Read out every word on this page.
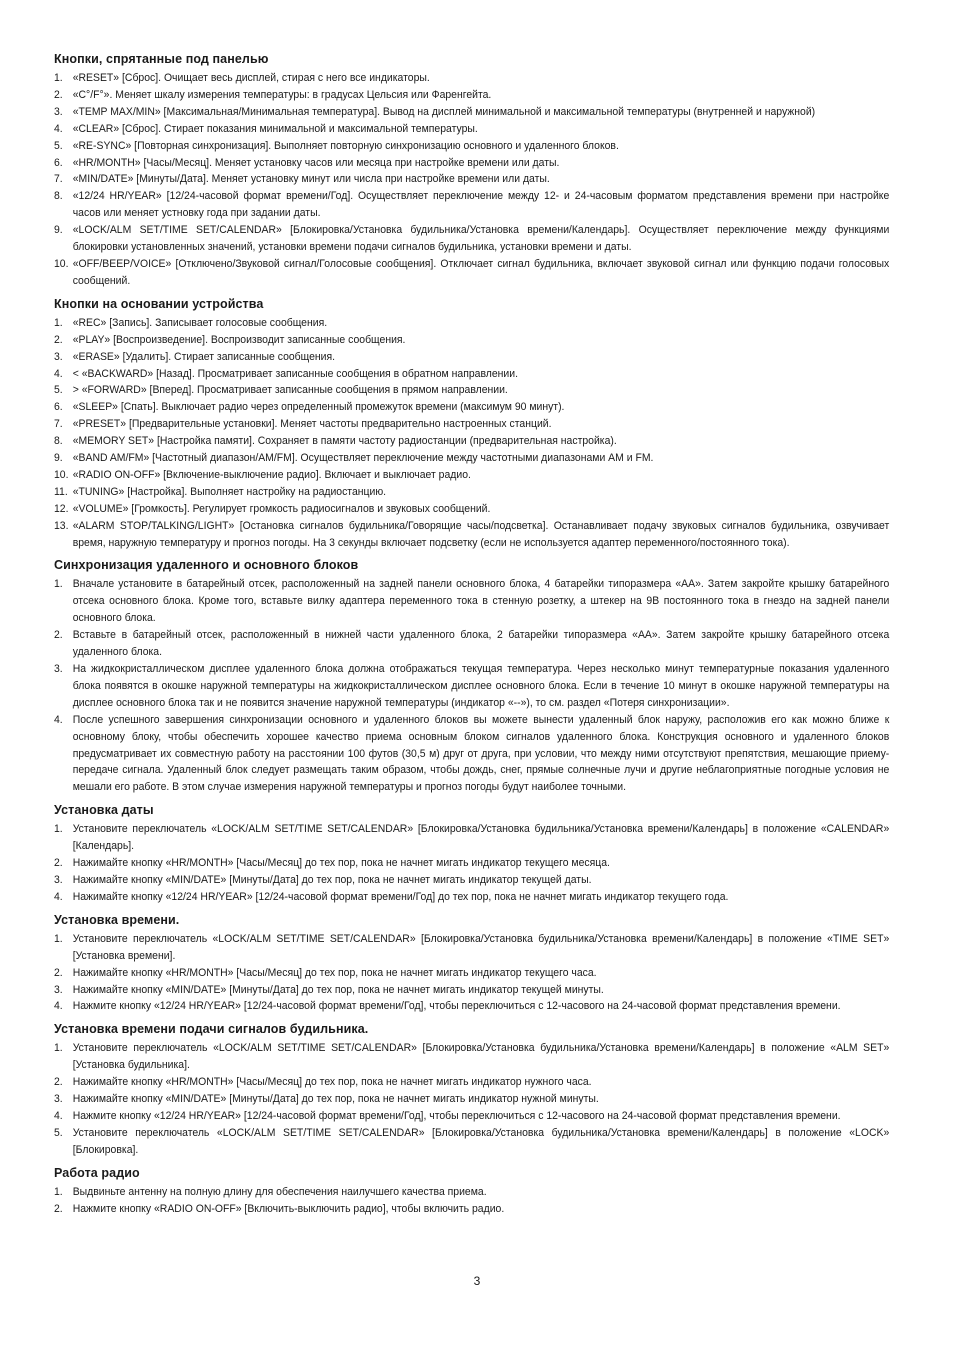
Кнопки, спрятанные под панелью
1. «RESET» [Сброс]. Очищает весь дисплей, стирая с него все индикаторы.
2. «C°/F°». Меняет шкалу измерения температуры: в градусах Цельсия или Фаренгейта.
3. «TEMP MAX/MIN» [Максимальная/Минимальная температура]. Вывод на дисплей минимальной и максимальной температуры (внутренней и наружной)
4. «CLEAR» [Сброс]. Стирает показания минимальной и максимальной температуры.
5. «RE-SYNC» [Повторная синхронизация]. Выполняет повторную синхронизацию основного и удаленного блоков.
6. «HR/MONTH» [Часы/Месяц]. Меняет установку часов или месяца при настройке времени или даты.
7. «MIN/DATE» [Минуты/Дата]. Меняет установку минут или числа при настройке времени или даты.
8. «12/24 HR/YEAR» [12/24-часовой формат времени/Год]. Осуществляет переключение между 12- и 24-часовым форматом представления времени при настройке часов или меняет устновку года при задании даты.
9. «LOCK/ALM SET/TIME SET/CALENDAR» [Блокировка/Установка будильника/Установка времени/Календарь]. Осуществляет переключение между функциями блокировки установленных значений, установки времени подачи сигналов будильника, установки времени и даты.
10. «OFF/BEEP/VOICE» [Отключено/Звуковой сигнал/Голосовые сообщения]. Отключает сигнал будильника, включает звуковой сигнал или функцию подачи голосовых сообщений.
Кнопки на основании устройства
1. «REC» [Запись]. Записывает голосовые сообщения.
2. «PLAY» [Воспроизведение]. Воспроизводит записанные сообщения.
3. «ERASE» [Удалить]. Стирает записанные сообщения.
4. < «BACKWARD» [Назад]. Просматривает записанные сообщения в обратном направлении.
5. > «FORWARD» [Вперед]. Просматривает записанные сообщения в прямом направлении.
6. «SLEEP» [Спать]. Выключает радио через определенный промежуток времени (максимум 90 минут).
7. «PRESET» [Предварительные установки]. Меняет частоты предварительно настроенных станций.
8. «MEMORY SET» [Настройка памяти]. Сохраняет в памяти частоту радиостанции (предварительная настройка).
9. «BAND AM/FM» [Частотный диапазон/AM/FM]. Осуществляет переключение между частотными диапазонами AM и FM.
10. «RADIO ON-OFF» [Включение-выключение радио]. Включает и выключает радио.
11. «TUNING» [Настройка]. Выполняет настройку на радиостанцию.
12. «VOLUME» [Громкость]. Регулирует громкость радиосигналов и звуковых сообщений.
13. «ALARM STOP/TALKING/LIGHT» [Остановка сигналов будильника/Говорящие часы/подсветка]. Останавливает подачу звуковых сигналов будильника, озвучивает время, наружную температуру и прогноз погоды. На 3 секунды включает подсветку (если не используется адаптер переменного/постоянного тока).
Синхронизация удаленного и основного блоков
1. Вначале установите в батарейный отсек, расположенный на задней панели основного блока, 4 батарейки типоразмера «AA». Затем закройте крышку батарейного отсека основного блока. Кроме того, вставьте вилку адаптера переменного тока в стенную розетку, а штекер на 9В постоянного тока в гнездо на задней панели основного блока.
2. Вставьте в батарейный отсек, расположенный в нижней части удаленного блока, 2 батарейки типоразмера «AA». Затем закройте крышку батарейного отсека удаленного блока.
3. На жидкокристаллическом дисплее удаленного блока должна отображаться текущая температура. Через несколько минут температурные показания удаленного блока появятся в окошке наружной температуры на жидкокристаллическом дисплее основного блока. Если в течение 10 минут в окошке наружной температуры на дисплее основного блока так и не появится значение наружной температуры (индикатор «--»), то см. раздел «Потеря синхронизации».
4. После успешного завершения синхронизации основного и удаленного блоков вы можете вынести удаленный блок наружу, расположив его как можно ближе к основному блоку, чтобы обеспечить хорошее качество приема основным блоком сигналов удаленного блока. Конструкция основного и удаленного блоков предусматривает их совместную работу на расстоянии 100 футов (30,5 м) друг от друга, при условии, что между ними отсутствуют препятствия, мешающие приему-передаче сигнала. Удаленный блок следует размещать таким образом, чтобы дождь, снег, прямые солнечные лучи и другие неблагоприятные погодные условия не мешали его работе. В этом случае измерения наружной температуры и прогноз погоды будут наиболее точными.
Установка даты
1. Установите переключатель «LOCK/ALM SET/TIME SET/CALENDAR» [Блокировка/Установка будильника/Установка времени/Календарь] в положение «CALENDAR» [Календарь].
2. Нажимайте кнопку «HR/MONTH» [Часы/Месяц] до тех пор, пока не начнет мигать индикатор текущего месяца.
3. Нажимайте кнопку «MIN/DATE» [Минуты/Дата] до тех пор, пока не начнет мигать индикатор текущей даты.
4. Нажимайте кнопку «12/24 HR/YEAR» [12/24-часовой формат времени/Год] до тех пор, пока не начнет мигать индикатор текущего года.
Установка времени.
1. Установите переключатель «LOCK/ALM SET/TIME SET/CALENDAR» [Блокировка/Установка будильника/Установка времени/Календарь] в положение «TIME SET» [Установка времени].
2. Нажимайте кнопку «HR/MONTH» [Часы/Месяц] до тех пор, пока не начнет мигать индикатор текущего часа.
3. Нажимайте кнопку «MIN/DATE» [Минуты/Дата] до тех пор, пока не начнет мигать индикатор текущей минуты.
4. Нажмите кнопку «12/24 HR/YEAR» [12/24-часовой формат времени/Год], чтобы переключиться с 12-часового на 24-часовой формат представления времени.
Установка времени подачи сигналов будильника.
1. Установите переключатель «LOCK/ALM SET/TIME SET/CALENDAR» [Блокировка/Установка будильника/Установка времени/Календарь] в положение «ALM SET» [Установка будильника].
2. Нажимайте кнопку «HR/MONTH» [Часы/Месяц] до тех пор, пока не начнет мигать индикатор нужного часа.
3. Нажимайте кнопку «MIN/DATE» [Минуты/Дата] до тех пор, пока не начнет мигать индикатор нужной минуты.
4. Нажмите кнопку «12/24 HR/YEAR» [12/24-часовой формат времени/Год], чтобы переключиться с 12-часового на 24-часовой формат представления времени.
5. Установите переключатель «LOCK/ALM SET/TIME SET/CALENDAR» [Блокировка/Установка будильника/Установка времени/Календарь] в положение «LOCK» [Блокировка].
Работа радио
1. Выдвиньте антенну на полную длину для обеспечения наилучшего качества приема.
2. Нажмите кнопку «RADIO ON-OFF» [Включить-выключить радио], чтобы включить радио.
3
